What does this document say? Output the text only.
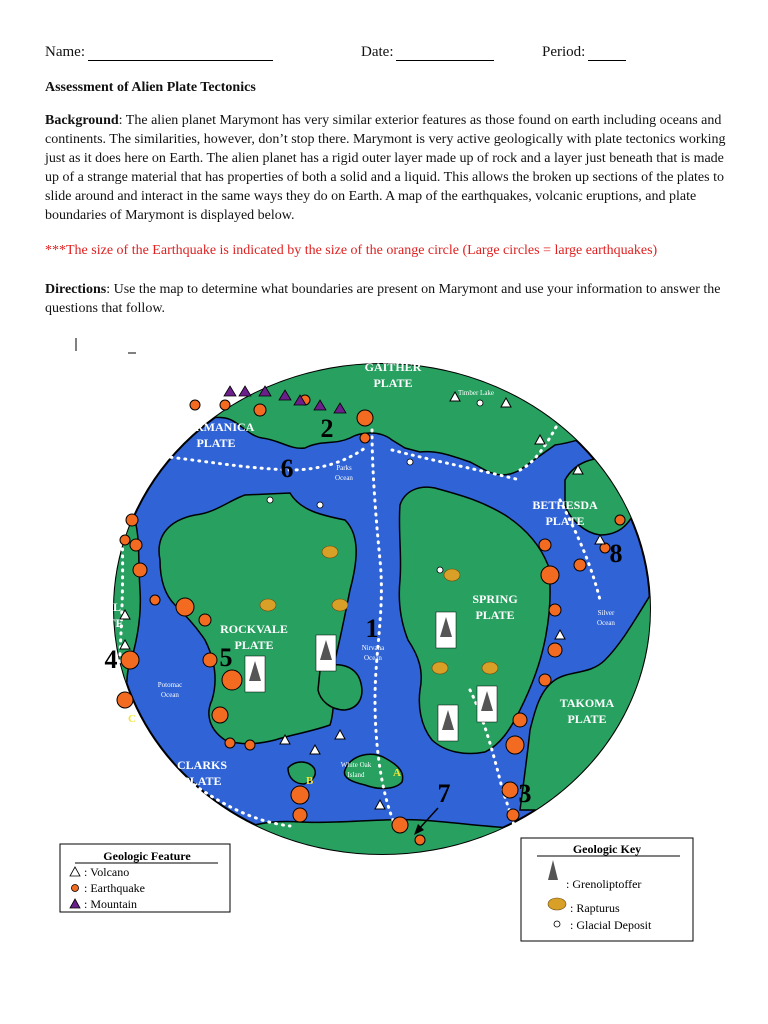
Name:	Date:	Period:
Assessment of Alien Plate Tectonics
Background: The alien planet Marymont has very similar exterior features as those found on earth including oceans and continents. The similarities, however, don’t stop there. Marymont is very active geologically with plate tectonics working just as it does here on Earth. The alien planet has a rigid outer layer made up of rock and a layer just beneath that is made up of a strange material that has properties of both a solid and a liquid. This allows the broken up sections of the plates to slide around and interact in the same ways they do on Earth. A map of the earthquakes, volcanic eruptions, and plate boundaries of Marymont is displayed below.
***The size of the Earthquake is indicated by the size of the orange circle (Large circles = large earthquakes)
Directions: Use the map to determine what boundaries are present on Marymont and use your information to answer the questions that follow.
GAITHER
PLATE
GERMANICA
PLATE
BETHESDA
PLATE
POOL
PLATE	ROCKVALE
PLATE
SPRING
PLATE
TAKOMA
PLATE
CLARKS
PLATE
BOYDS PLATE
Timber Lake
Parks
Ocean
Nirvana
Ocean
Silver
Ocean
Potomac
Ocean
White Oak
Island
1
2
3
4	5
6
7
8
A
B
C
Geologic Feature
: Volcano
: Earthquake
: Mountain
Geologic Key
: Grenoliptoffer
: Rapturus
: Glacial Deposit
